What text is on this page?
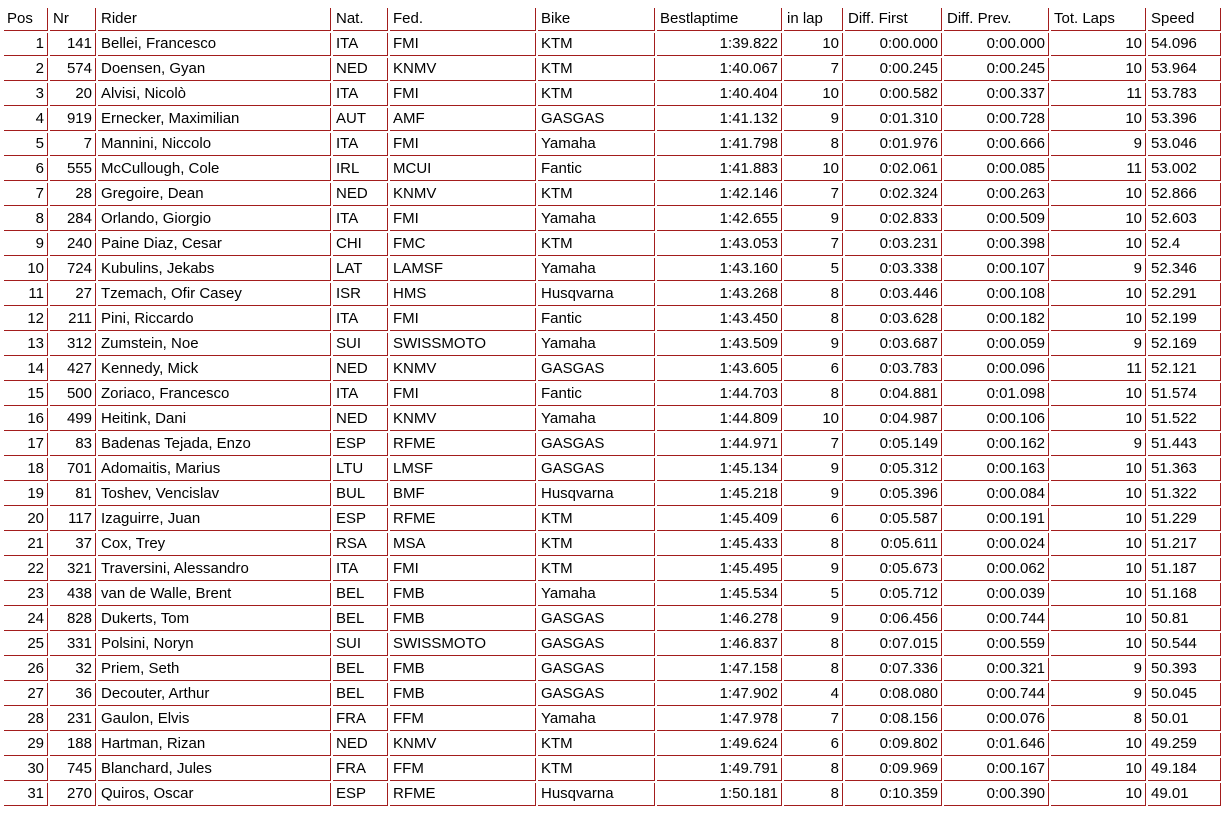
Pos	Nr	Rider	Nat.	Fed.	Bike	Bestlaptime	in lap	Diff. First	Diff. Prev.	Tot. Laps	Speed
1	141	Bellei, Francesco	ITA	FMI	KTM	1:39.822	10	0:00.000	0:00.000	10	54.096
2	574	Doensen, Gyan	NED	KNMV	KTM	1:40.067	7	0:00.245	0:00.245	10	53.964
3	20	Alvisi, Nicolò	ITA	FMI	KTM	1:40.404	10	0:00.582	0:00.337	11	53.783
4	919	Ernecker, Maximilian	AUT	AMF	GASGAS	1:41.132	9	0:01.310	0:00.728	10	53.396
5	7	Mannini, Niccolo	ITA	FMI	Yamaha	1:41.798	8	0:01.976	0:00.666	9	53.046
6	555	McCullough, Cole	IRL	MCUI	Fantic	1:41.883	10	0:02.061	0:00.085	11	53.002
7	28	Gregoire, Dean	NED	KNMV	KTM	1:42.146	7	0:02.324	0:00.263	10	52.866
8	284	Orlando, Giorgio	ITA	FMI	Yamaha	1:42.655	9	0:02.833	0:00.509	10	52.603
9	240	Paine Diaz, Cesar	CHI	FMC	KTM	1:43.053	7	0:03.231	0:00.398	10	52.4
10	724	Kubulins, Jekabs	LAT	LAMSF	Yamaha	1:43.160	5	0:03.338	0:00.107	9	52.346
11	27	Tzemach, Ofir Casey	ISR	HMS	Husqvarna	1:43.268	8	0:03.446	0:00.108	10	52.291
12	211	Pini, Riccardo	ITA	FMI	Fantic	1:43.450	8	0:03.628	0:00.182	10	52.199
13	312	Zumstein, Noe	SUI	SWISSMOTO	Yamaha	1:43.509	9	0:03.687	0:00.059	9	52.169
14	427	Kennedy, Mick	NED	KNMV	GASGAS	1:43.605	6	0:03.783	0:00.096	11	52.121
15	500	Zoriaco, Francesco	ITA	FMI	Fantic	1:44.703	8	0:04.881	0:01.098	10	51.574
16	499	Heitink, Dani	NED	KNMV	Yamaha	1:44.809	10	0:04.987	0:00.106	10	51.522
17	83	Badenas Tejada, Enzo	ESP	RFME	GASGAS	1:44.971	7	0:05.149	0:00.162	9	51.443
18	701	Adomaitis, Marius	LTU	LMSF	GASGAS	1:45.134	9	0:05.312	0:00.163	10	51.363
19	81	Toshev, Vencislav	BUL	BMF	Husqvarna	1:45.218	9	0:05.396	0:00.084	10	51.322
20	117	Izaguirre, Juan	ESP	RFME	KTM	1:45.409	6	0:05.587	0:00.191	10	51.229
21	37	Cox, Trey	RSA	MSA	KTM	1:45.433	8	0:05.611	0:00.024	10	51.217
22	321	Traversini, Alessandro	ITA	FMI	KTM	1:45.495	9	0:05.673	0:00.062	10	51.187
23	438	van de Walle, Brent	BEL	FMB	Yamaha	1:45.534	5	0:05.712	0:00.039	10	51.168
24	828	Dukerts, Tom	BEL	FMB	GASGAS	1:46.278	9	0:06.456	0:00.744	10	50.81
25	331	Polsini, Noryn	SUI	SWISSMOTO	GASGAS	1:46.837	8	0:07.015	0:00.559	10	50.544
26	32	Priem, Seth	BEL	FMB	GASGAS	1:47.158	8	0:07.336	0:00.321	9	50.393
27	36	Decouter, Arthur	BEL	FMB	GASGAS	1:47.902	4	0:08.080	0:00.744	9	50.045
28	231	Gaulon, Elvis	FRA	FFM	Yamaha	1:47.978	7	0:08.156	0:00.076	8	50.01
29	188	Hartman, Rizan	NED	KNMV	KTM	1:49.624	6	0:09.802	0:01.646	10	49.259
30	745	Blanchard, Jules	FRA	FFM	KTM	1:49.791	8	0:09.969	0:00.167	10	49.184
31	270	Quiros, Oscar	ESP	RFME	Husqvarna	1:50.181	8	0:10.359	0:00.390	10	49.01
